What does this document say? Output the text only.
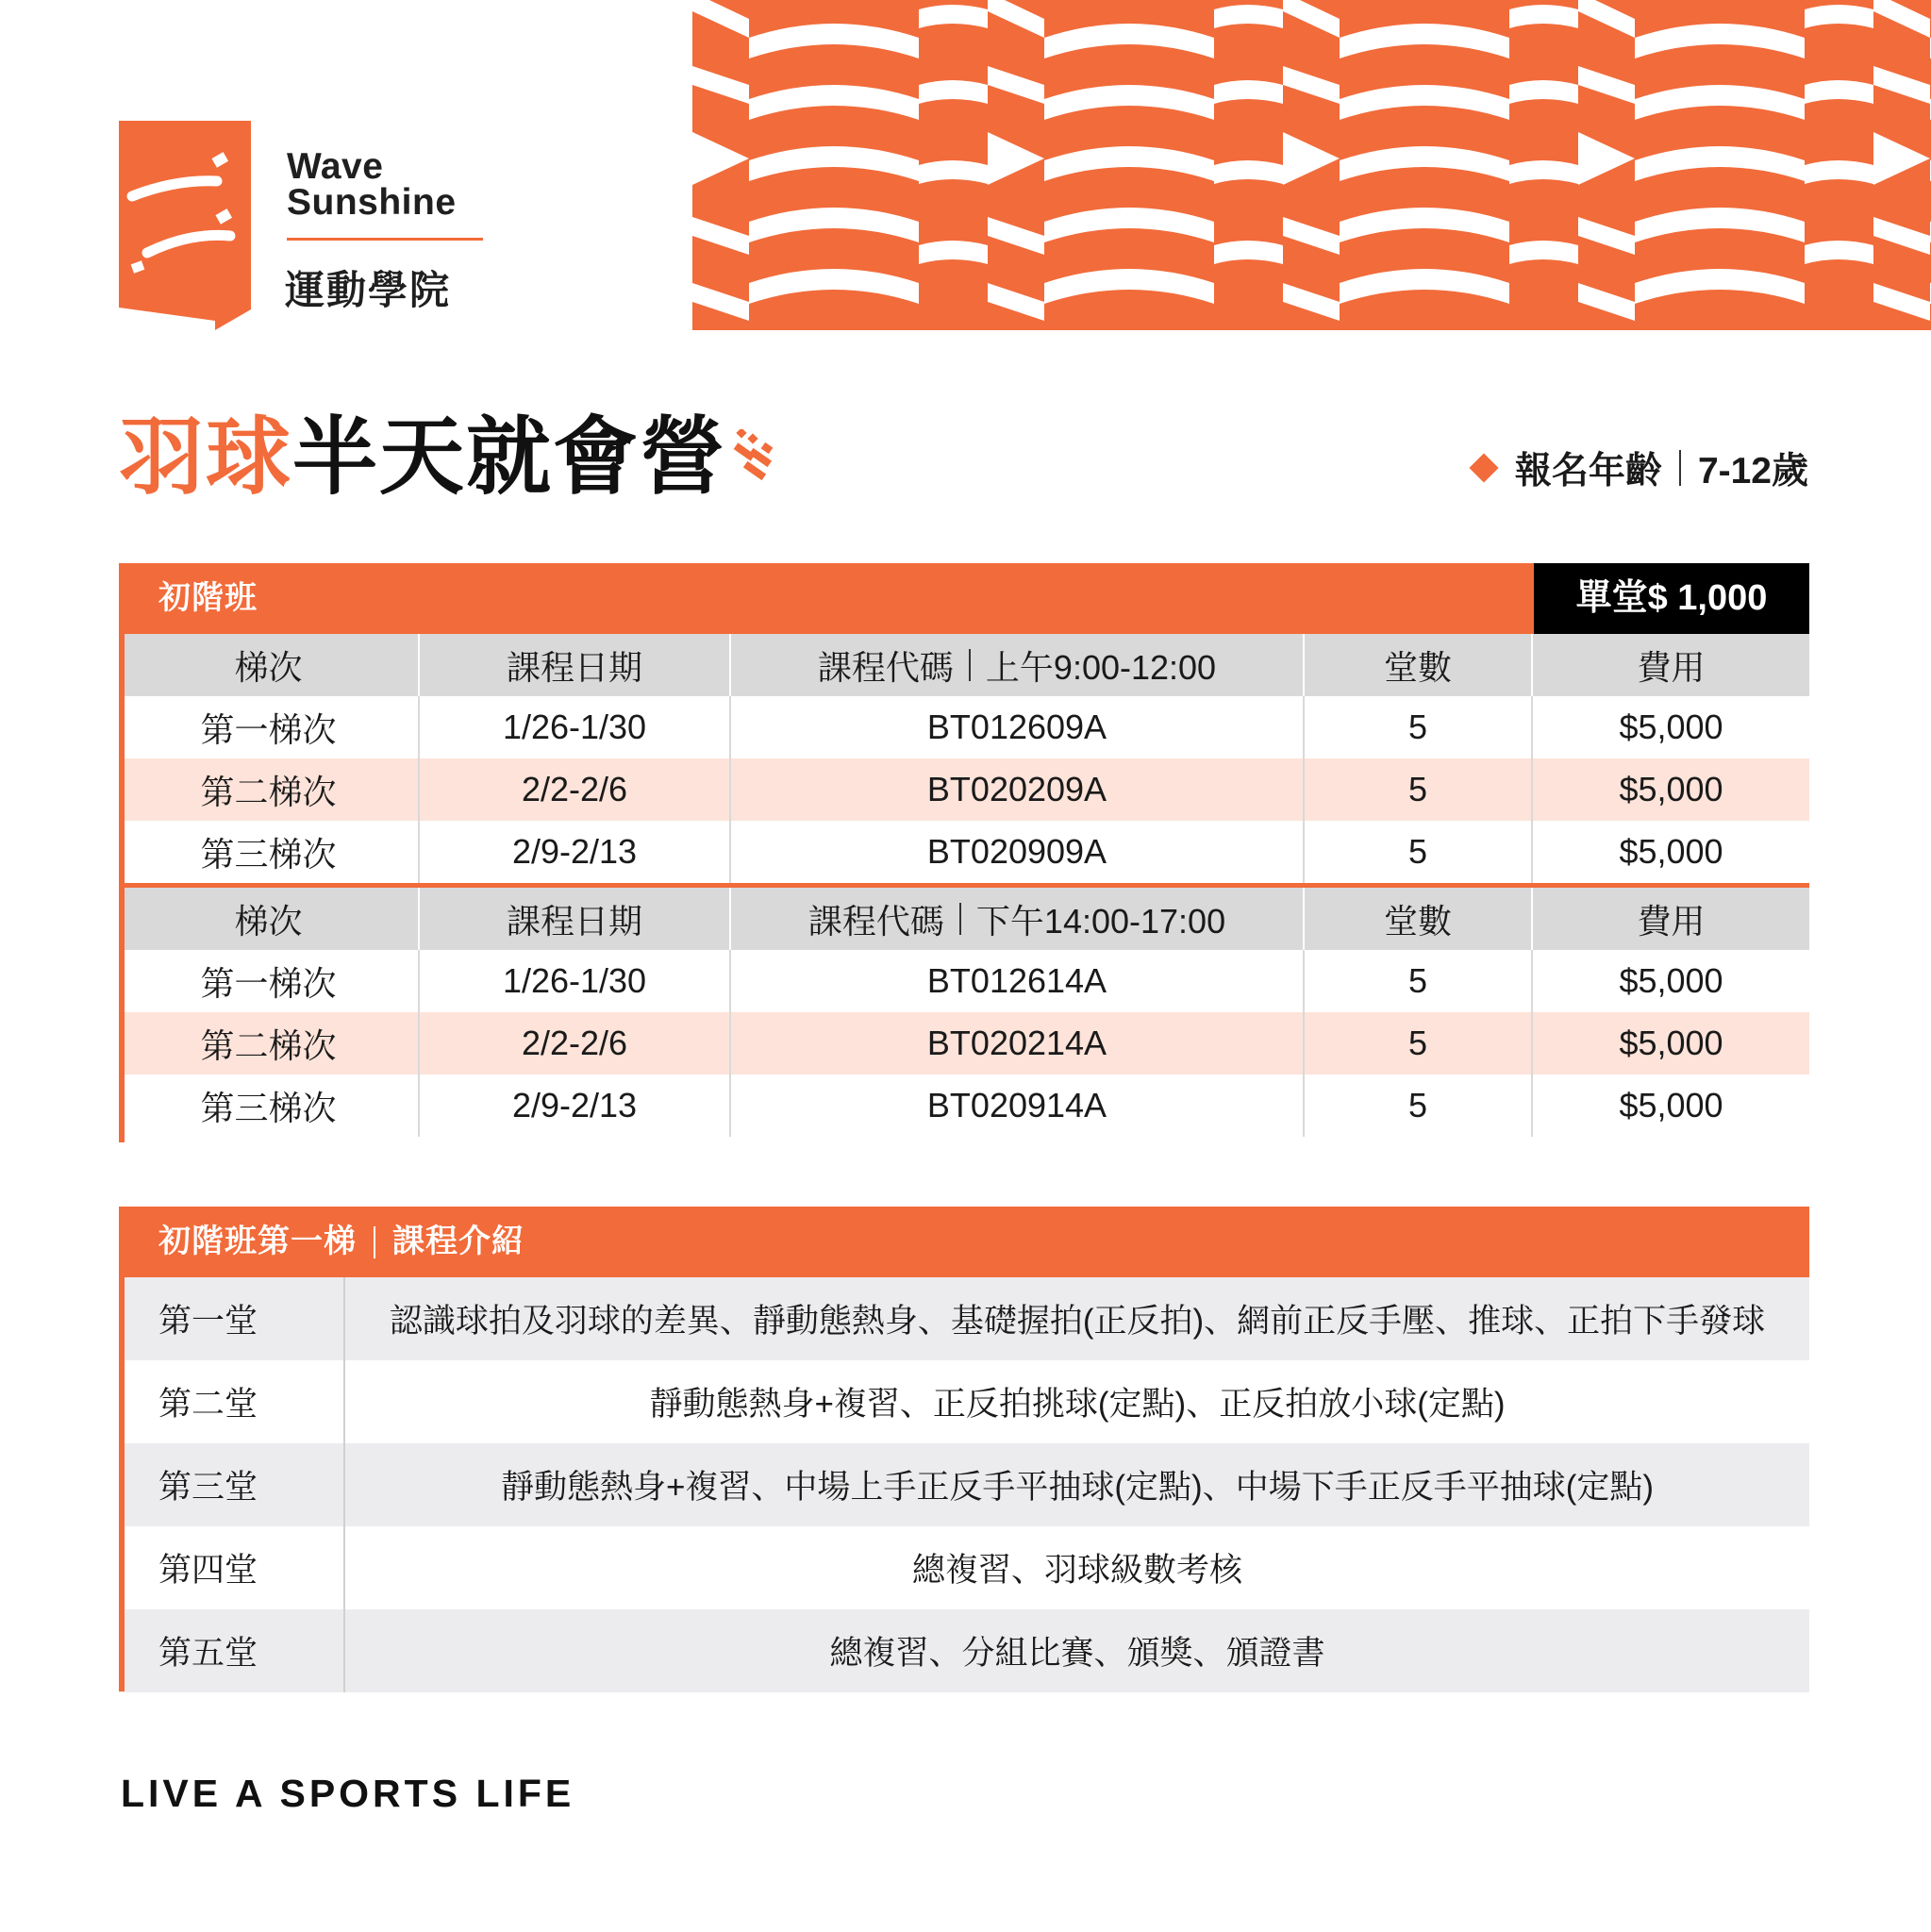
Wave
Sunshine
運動學院
羽球半天就會營	報名年齡 7-12歲
初階班	單堂$ 1,000
梯次	課程日期	課程代碼 上午9:00-12:00	堂數	費用
第一梯次	1/26-1/30	BT012609A	5	$5,000
第二梯次	2/2-2/6	BT020209A	5	$5,000
第三梯次	2/9-2/13	BT020909A	5	$5,000

梯次	課程日期	課程代碼 下午14:00-17:00	堂數	費用
第一梯次	1/26-1/30	BT012614A	5	$5,000
第二梯次	2/2-2/6	BT020214A	5	$5,000
第三梯次	2/9-2/13	BT020914A	5	$5,000
初階班第一梯 課程介紹
第一堂	認識球拍及羽球的差異、靜動態熱身、基礎握拍(正反拍)、網前正反手壓、推球、正拍下手發球
第二堂	靜動態熱身+複習、正反拍挑球(定點)、正反拍放小球(定點)
第三堂	靜動態熱身+複習、中場上手正反手平抽球(定點)、中場下手正反手平抽球(定點)
第四堂	總複習、羽球級數考核
第五堂	總複習、分組比賽、頒獎、頒證書
LIVE A SPORTS LIFE
